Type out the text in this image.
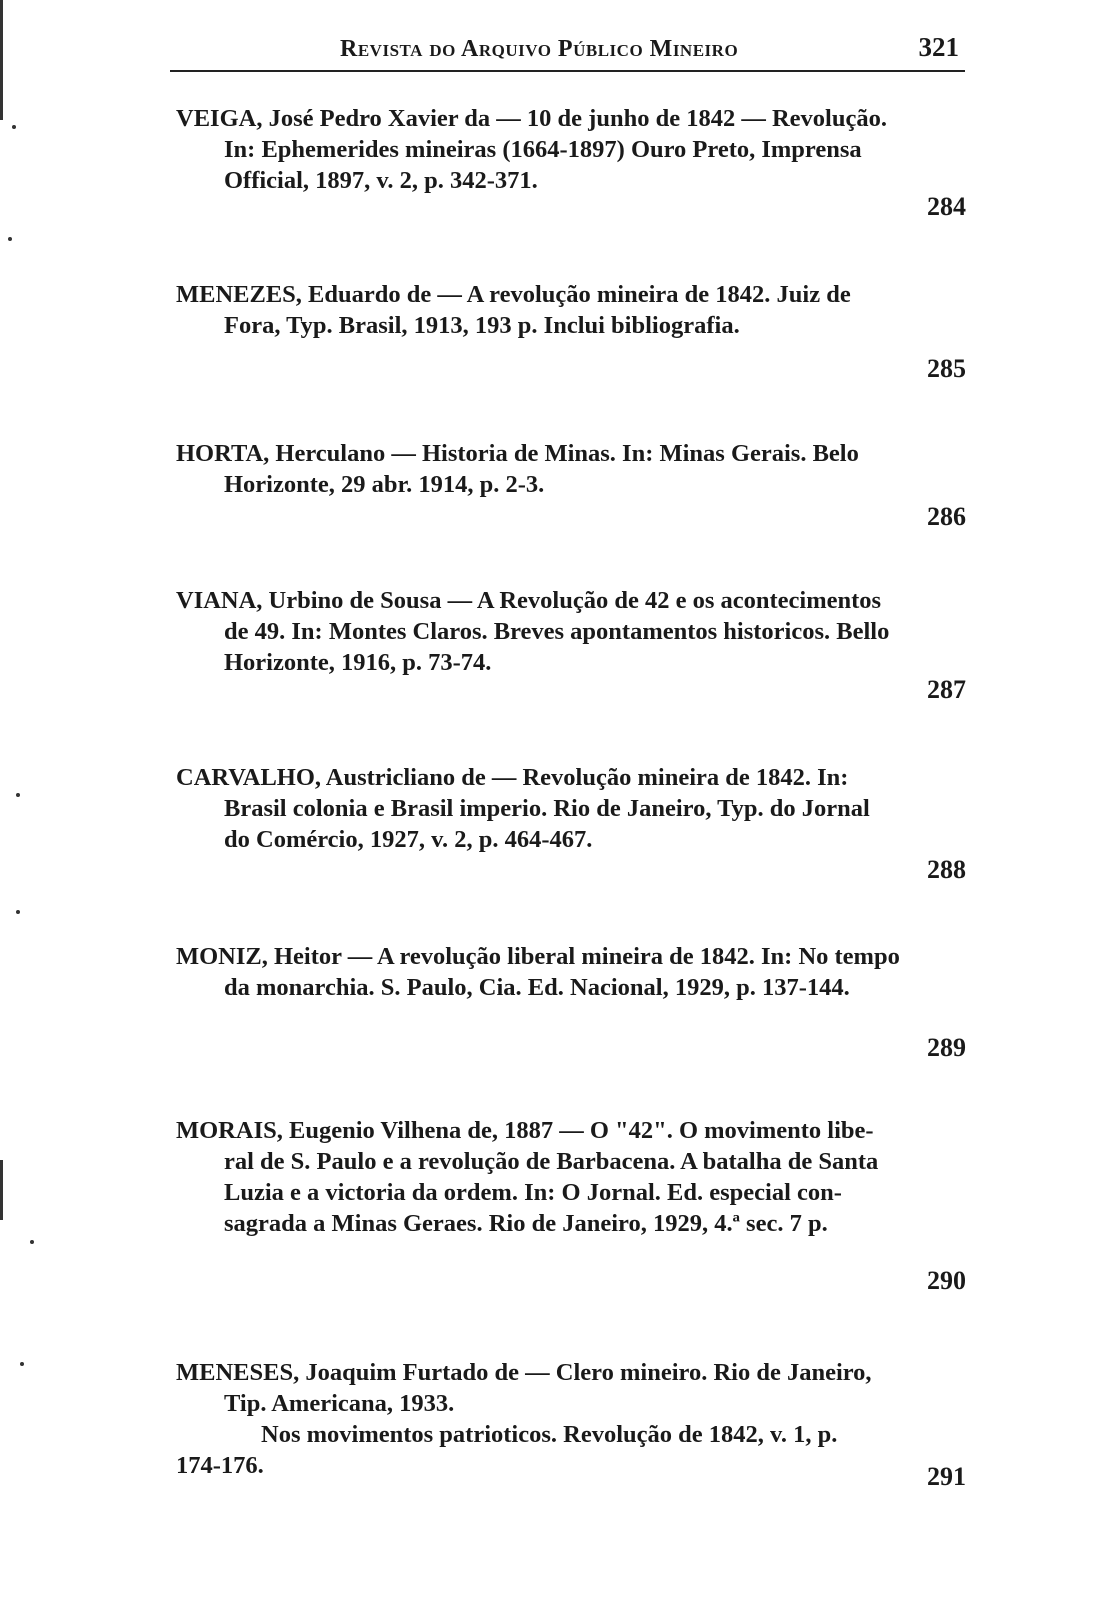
Revista do Arquivo Público Mineiro	321
VEIGA, José Pedro Xavier da — 10 de junho de 1842 — Revolução.
In: Ephemerides mineiras (1664-1897) Ouro Preto, Imprensa
Official, 1897, v. 2, p. 342-371.
284
MENEZES, Eduardo de — A revolução mineira de 1842. Juiz de
Fora, Typ. Brasil, 1913, 193 p. Inclui bibliografia.
285
HORTA, Herculano — Historia de Minas. In: Minas Gerais. Belo
Horizonte, 29 abr. 1914, p. 2-3.
286
VIANA, Urbino de Sousa — A Revolução de 42 e os acontecimentos
de 49. In: Montes Claros. Breves apontamentos historicos. Bello
Horizonte, 1916, p. 73-74.
287
CARVALHO, Austricliano de — Revolução mineira de 1842. In:
Brasil colonia e Brasil imperio. Rio de Janeiro, Typ. do Jornal
do Comércio, 1927, v. 2, p. 464-467.
288
MONIZ, Heitor — A revolução liberal mineira de 1842. In: No tempo
da monarchia. S. Paulo, Cia. Ed. Nacional, 1929, p. 137-144.
289
MORAIS, Eugenio Vilhena de, 1887 — O "42". O movimento libe-
ral de S. Paulo e a revolução de Barbacena. A batalha de Santa
Luzia e a victoria da ordem. In: O Jornal. Ed. especial con-
sagrada a Minas Geraes. Rio de Janeiro, 1929, 4.ª sec. 7 p.
290
MENESES, Joaquim Furtado de — Clero mineiro. Rio de Janeiro,
Tip. Americana, 1933.
Nos movimentos patrioticos. Revolução de 1842, v. 1, p.
174-176.	291
